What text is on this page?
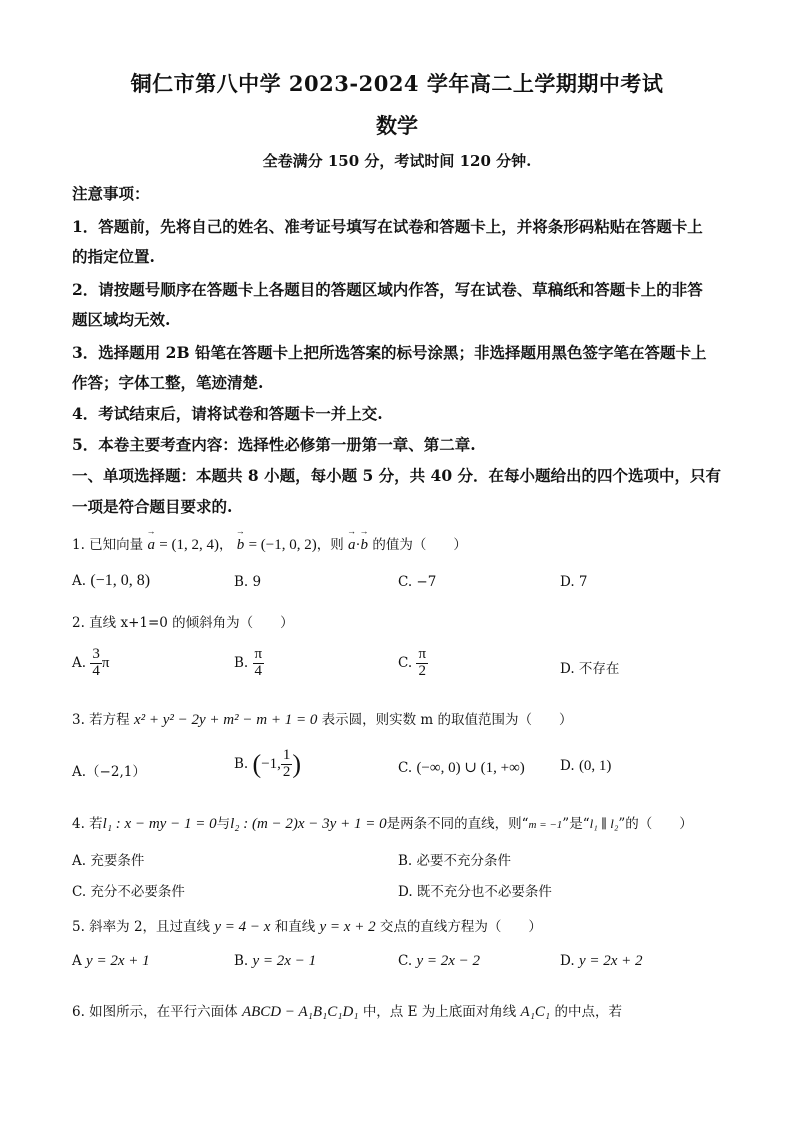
铜仁市第八中学 2023-2024 学年高二上学期期中考试
数学
全卷满分 150 分，考试时间 120 分钟.
注意事项：
1．答题前，先将自己的姓名、准考证号填写在试卷和答题卡上，并将条形码粘贴在答题卡上
的指定位置.
2．请按题号顺序在答题卡上各题目的答题区域内作答，写在试卷、草稿纸和答题卡上的非答
题区域均无效.
3．选择题用 2B 铅笔在答题卡上把所选答案的标号涂黑；非选择题用黑色签字笔在答题卡上
作答；字体工整，笔迹清楚.
4．考试结束后，请将试卷和答题卡一并上交.
5．本卷主要考查内容：选择性必修第一册第一章、第二章.
一、单项选择题：本题共 8 小题，每小题 5 分，共 40 分．在每小题给出的四个选项中，只有
一项是符合题目要求的.
1. 已知向量 → a = (1, 2, 4)， → b = (−1, 0, 2)，则 → a·→ b 的值为（　　）
A. (−1, 0, 8)	B. 9	C. −7	D. 7
2. 直线 x+1=0 的倾斜角为（　　）
A. $\frac{3}{4}$ π	B. $\frac{\pi}{4}$	C. $\frac{\pi}{2}$	D. 不存在
3. 若方程 x² + y² − 2y + m² − m + 1 = 0 表示圆，则实数 m 的取值范围为（　　）
A.（−2,1）
B. (−1, $\frac{1}{2}$ )	C. (−∞, 0) ∪ (1, +∞)	D. (0, 1)
4. 若l₁ : x − my − 1 = 0与l₂ : (m − 2)x − 3y + 1 = 0是两条不同的直线，则“m = −1”是“l₁ ∥ l₂”的（　　）
A. 充要条件	B. 必要不充分条件
C. 充分不必要条件	D. 既不充分也不必要条件
5. 斜率为 2，且过直线 y = 4 − x 和直线 y = x + 2 交点的直线方程为（　　）
A y = 2x + 1	B. y = 2x − 1	C. y = 2x − 2	D. y = 2x + 2
6. 如图所示，在平行六面体 ABCD − A₁B₁C₁D₁ 中，点 E 为上底面对角线 A₁C₁ 的中点，若
